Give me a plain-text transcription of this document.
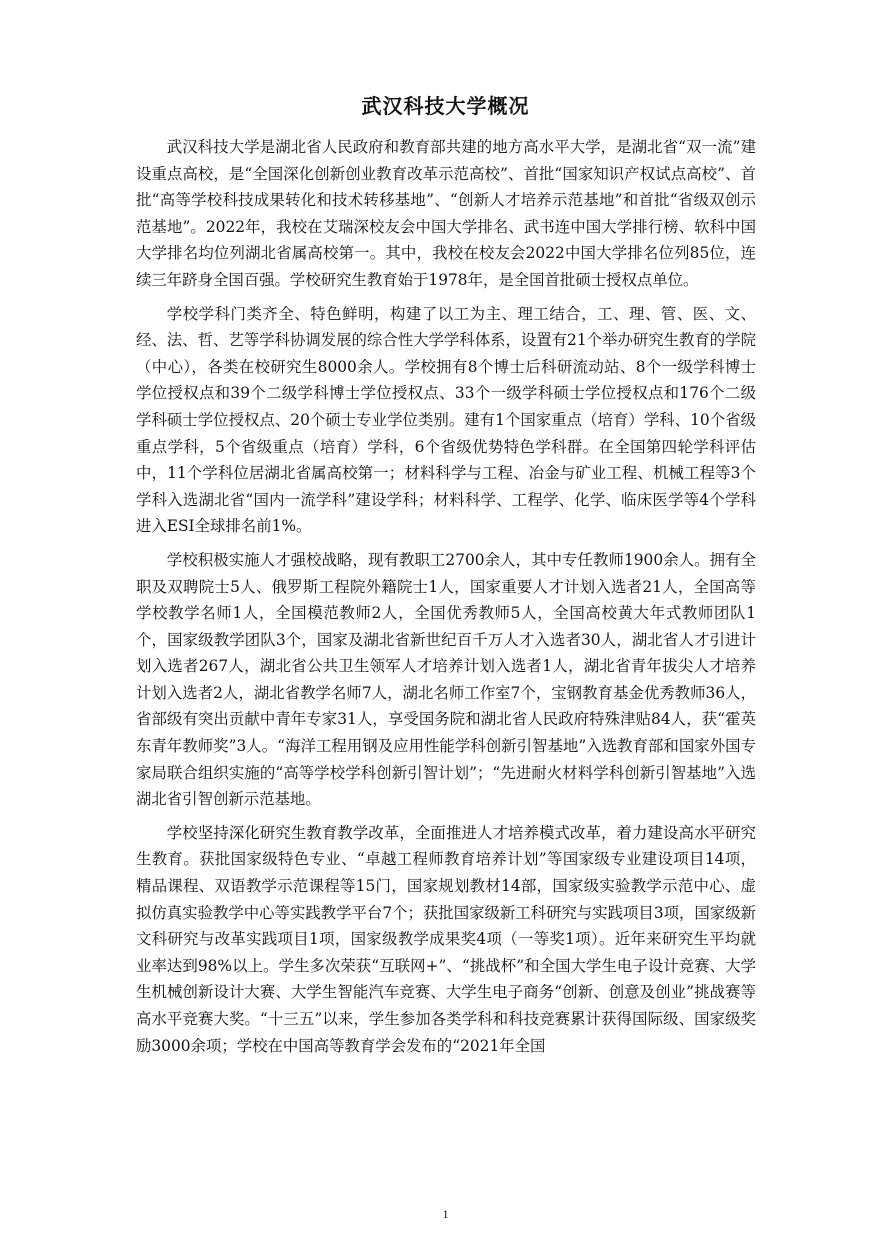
武汉科技大学概况

武汉科技大学是湖北省人民政府和教育部共建的地方高水平大学，是湖北省“双一流”建设重点高校，是“全国深化创新创业教育改革示范高校”、首批“国家知识产权试点高校”、首批“高等学校科技成果转化和技术转移基地”、“创新人才培养示范基地”和首批“省级双创示范基地”。2022年，我校在艾瑞深校友会中国大学排名、武书连中国大学排行榜、软科中国大学排名均位列湖北省属高校第一。其中，我校在校友会2022中国大学排名位列85位，连续三年跻身全国百强。学校研究生教育始于1978年，是全国首批硕士授权点单位。

学校学科门类齐全、特色鲜明，构建了以工为主、理工结合，工、理、管、医、文、经、法、哲、艺等学科协调发展的综合性大学学科体系，设置有21个举办研究生教育的学院（中心），各类在校研究生8000余人。学校拥有8个博士后科研流动站、8个一级学科博士学位授权点和39个二级学科博士学位授权点、33个一级学科硕士学位授权点和176个二级学科硕士学位授权点、20个硕士专业学位类别。建有1个国家重点（培育）学科、10个省级重点学科，5个省级重点（培育）学科，6个省级优势特色学科群。在全国第四轮学科评估中，11个学科位居湖北省属高校第一；材料科学与工程、冶金与矿业工程、机械工程等3个学科入选湖北省“国内一流学科”建设学科；材料科学、工程学、化学、临床医学等4个学科进入ESI全球排名前1%。

学校积极实施人才强校战略，现有教职工2700余人，其中专任教师1900余人。拥有全职及双聘院士5人、俄罗斯工程院外籍院士1人，国家重要人才计划入选者21人，全国高等学校教学名师1人，全国模范教师2人，全国优秀教师5人，全国高校黄大年式教师团队1个，国家级教学团队3个，国家及湖北省新世纪百千万人才入选者30人，湖北省人才引进计划入选者267人，湖北省公共卫生领军人才培养计划入选者1人，湖北省青年拔尖人才培养计划入选者2人，湖北省教学名师7人，湖北名师工作室7个，宝钢教育基金优秀教师36人，省部级有突出贡献中青年专家31人，享受国务院和湖北省人民政府特殊津贴84人，获“霍英东青年教师奖”3人。“海洋工程用钢及应用性能学科创新引智基地”入选教育部和国家外国专家局联合组织实施的“高等学校学科创新引智计划”；“先进耐火材料学科创新引智基地”入选湖北省引智创新示范基地。

学校坚持深化研究生教育教学改革，全面推进人才培养模式改革，着力建设高水平研究生教育。获批国家级特色专业、“卓越工程师教育培养计划”等国家级专业建设项目14项，精品课程、双语教学示范课程等15门，国家规划教材14部，国家级实验教学示范中心、虚拟仿真实验教学中心等实践教学平台7个；获批国家级新工科研究与实践项目3项，国家级新文科研究与改革实践项目1项，国家级教学成果奖4项（一等奖1项）。近年来研究生平均就业率达到98%以上。学生多次荣获“互联网+”、“挑战杯”和全国大学生电子设计竞赛、大学生机械创新设计大赛、大学生智能汽车竞赛、大学生电子商务“创新、创意及创业”挑战赛等高水平竞赛大奖。“十三五”以来，学生参加各类学科和科技竞赛累计获得国际级、国家级奖励3000余项；学校在中国高等教育学会发布的“2021年全国

1
